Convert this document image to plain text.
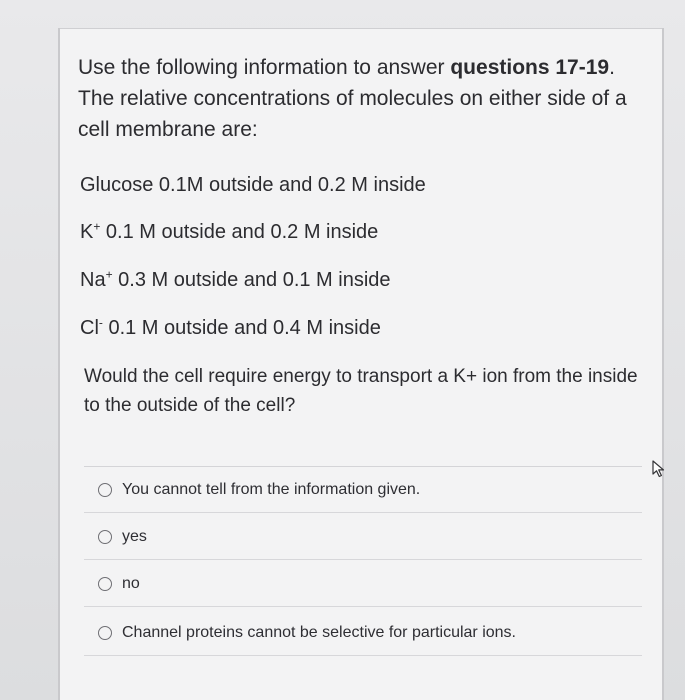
Use the following information to answer questions 17-19. The relative concentrations of molecules on either side of a cell membrane are:
Glucose 0.1M outside and 0.2 M inside
K+ 0.1 M outside and 0.2 M inside
Na+ 0.3 M outside and 0.1 M inside
Cl- 0.1 M outside and 0.4 M inside
Would the cell require energy to transport a K+ ion from the inside to the outside of the cell?
You cannot tell from the information given.
yes
no
Channel proteins cannot be selective for particular ions.
